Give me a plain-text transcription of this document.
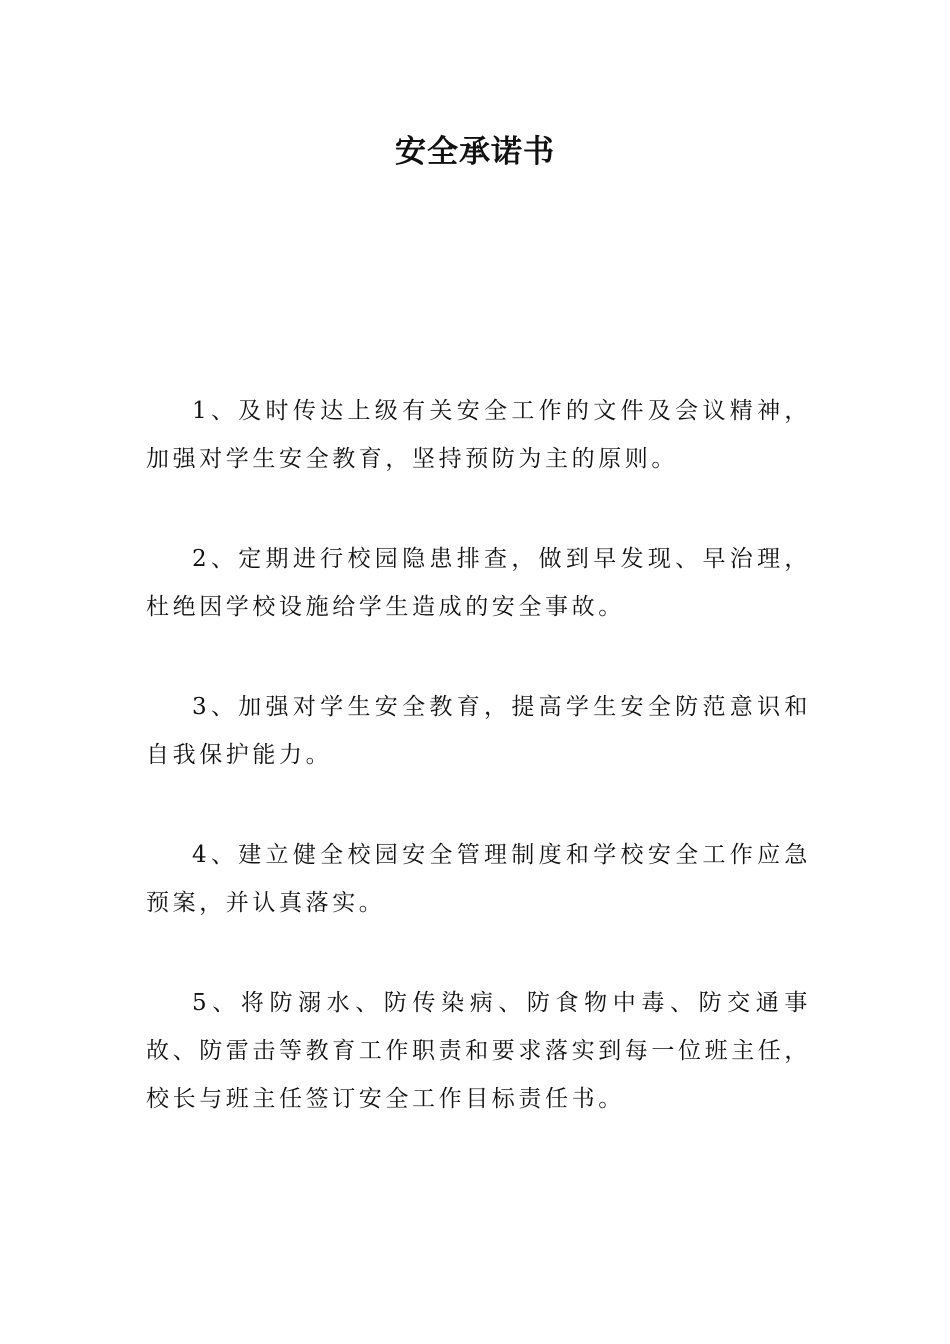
安全承诺书

1、及时传达上级有关安全工作的文件及会议精神，加强对学生安全教育，坚持预防为主的原则。

2、定期进行校园隐患排查，做到早发现、早治理，杜绝因学校设施给学生造成的安全事故。

3、加强对学生安全教育，提高学生安全防范意识和自我保护能力。

4、建立健全校园安全管理制度和学校安全工作应急预案，并认真落实。

5、将防溺水、防传染病、防食物中毒、防交通事故、防雷击等教育工作职责和要求落实到每一位班主任，校长与班主任签订安全工作目标责任书。
